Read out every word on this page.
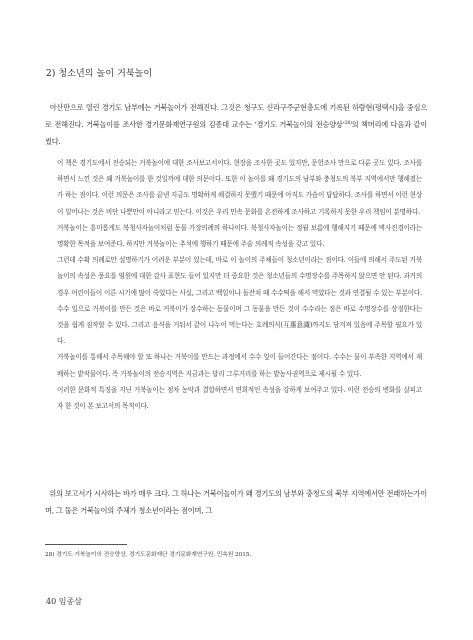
2) 청소년의 놀이 거북놀이

아산만으로 열린 경기도 남부에는 거북놀이가 전해진다. 그것은 청구도 신라구주군현총도에 기록된 하람현(평택시)을 중심으로 전해진다. 거북놀이를 조사한 경기문화재연구원의 김종대 교수는 ‘경기도 거북놀이의 전승양상’$^{28)}$의 책머리에 다음과 같이 썼다.

이 책은 경기도에서 전승되는 거북놀이에 대한 조사보고서이다. 현장을 조사한 곳도 있지만, 문헌조사 만으로 다룬 곳도 있다. 조사를 하면서 느낀 것은 왜 거북놀이를 한 것일까에 대한 의문이다. 또한 이 놀이를 왜 경기도의 남부와 충청도의 북부 지역에서만 행해졌는가 하는 점이다. 이런 의문은 조사를 끝낸 지금도 명확하게 해결하지 못했기 때문에 아직도 가슴이 답답하다. 조사를 하면서 이런 현상이 일어나는 것은 비단 나뿐만이 아니라고 믿는다. 이것은 우리 민속 문화를 온전하게 조사하고 기록하지 못한 우리 책임이 분명하다.

거북놀이는 흥미롭게도 북청사자놀이처럼 동물 가장의례의 하나이다. 북청사자놀이는 정월 보름에 행해지기 때문에 벽사진경이라는 명확한 목적을 보여준다. 하지만 거북놀이는 추석에 행하기 때문에 주술 의례적 속성을 갖고 있다.

그런데 수확 의례로만 설명하기가 어려운 부분이 있는데, 바로 이 놀이의 주체들이 청소년이라는 점이다. 이들에 의해서 주도된 거북놀이의 속성은 풍요를 염원에 대한 감사 표현도 들어 있지만 더 중요한 것은 청소년들의 수명장수를 주목하지 않으면 안 된다. 과거의 경우 어린이들이 이른 시기에 많이 죽었다는 사실, 그리고 백일이나 돌잔치 때 수수떡을 해서 먹었다는 것과 연결될 수 있는 부분이다. 수수 잎으로 거북이를 만든 것은 바로 거북이가 장수하는 동물이며 그 동물을 만든 것이 수수라는 점은 바로 수명장수를 상징한다는 것을 쉽게 짐작할 수 있다. 그리고 음식을 거둬서 같이 나누어 먹는다는 호례의식(互惠意識)까지도 담겨져 있음에 주목할 필요가 있다.

거북놀이를 통해서 주목해야 할 또 하나는 거북이를 만드는 과정에서 수수 잎이 들어간다는 점이다. 수수는 물이 부족한 지역에서 재배하는 밭작물이다. 즉 거북놀이의 전승지역은 지금과는 달리 그루거리를 하는 밭농사권역으로 제시될 수 있다.

이러한 문화적 특징을 지닌 거북놀이는 점차 농악과 결합하면서 연희적인 속성을 강하게 보여주고 있다. 이런 전승의 변화를 살피고자 한 것이 본 보고서의 목적이다.

위의 보고서가 시사하는 바가 매우 크다. 그 하나는 거북이놀이가 왜 경기도의 남부와 충청도의 북부 지역에서만 전래하는가이며, 그 둘은 거북놀이의 주체가 청소년이라는 점이며, 그

28) 경기도 거북놀이의 전승양상, 경기도문화재단 경기문화재연구원, 민속원 2015.
40 임종삼
